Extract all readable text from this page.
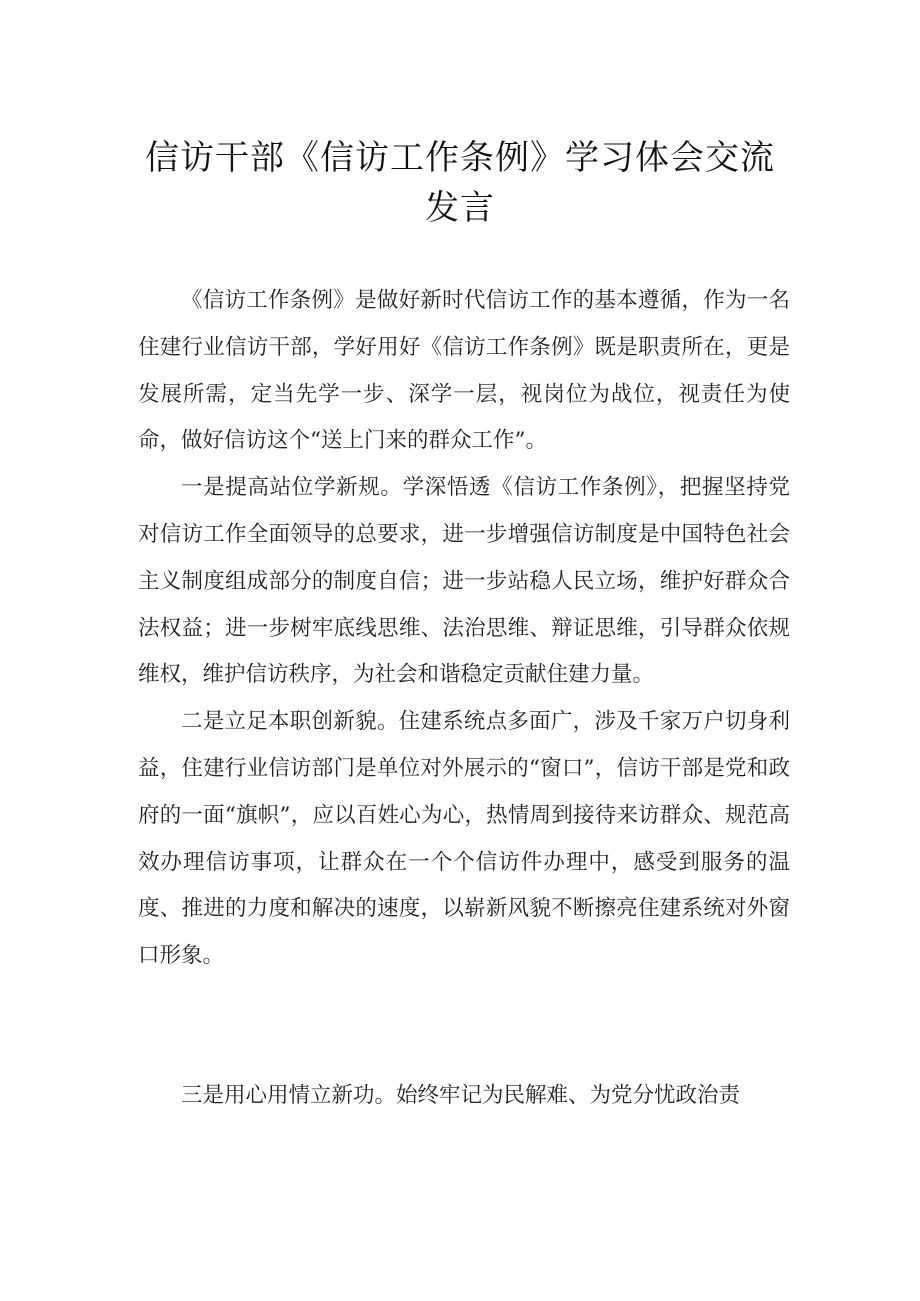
信访干部《信访工作条例》学习体会交流
发言

《信访工作条例》是做好新时代信访工作的基本遵循，作为一名住建行业信访干部，学好用好《信访工作条例》既是职责所在，更是发展所需，定当先学一步、深学一层，视岗位为战位，视责任为使命，做好信访这个“送上门来的群众工作”。

一是提高站位学新规。学深悟透《信访工作条例》，把握坚持党对信访工作全面领导的总要求，进一步增强信访制度是中国特色社会主义制度组成部分的制度自信；进一步站稳人民立场，维护好群众合法权益；进一步树牢底线思维、法治思维、辩证思维，引导群众依规维权，维护信访秩序，为社会和谐稳定贡献住建力量。

二是立足本职创新貌。住建系统点多面广，涉及千家万户切身利益，住建行业信访部门是单位对外展示的“窗口”，信访干部是党和政府的一面“旗帜”，应以百姓心为心，热情周到接待来访群众、规范高效办理信访事项，让群众在一个个信访件办理中，感受到服务的温度、推进的力度和解决的速度，以崭新风貌不断擦亮住建系统对外窗口形象。

三是用心用情立新功。始终牢记为民解难、为党分忧政治责
